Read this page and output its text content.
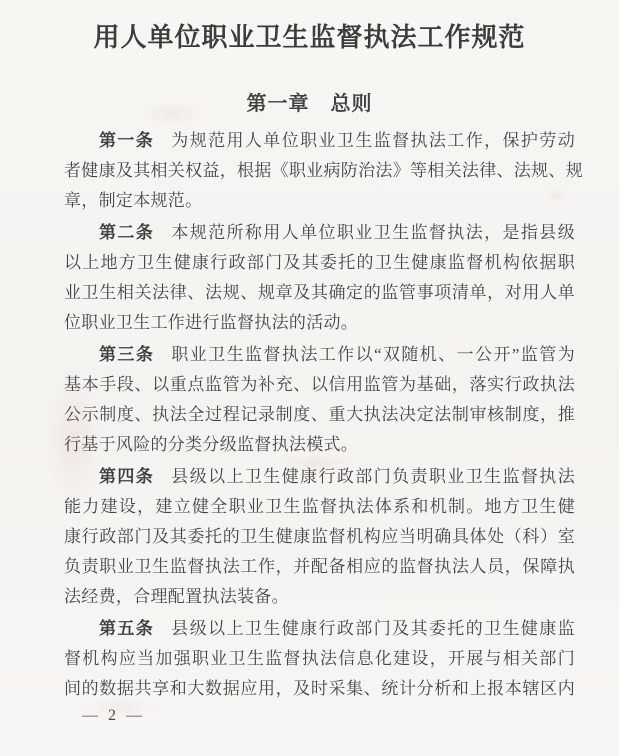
用人单位职业卫生监督执法工作规范
第一章　总则
第一条 为规范用人单位职业卫生监督执法工作，保护劳动
者健康及其相关权益，根据《职业病防治法》等相关法律、法规、规
章，制定本规范。
第二条 本规范所称用人单位职业卫生监督执法，是指县级
以上地方卫生健康行政部门及其委托的卫生健康监督机构依据职
业卫生相关法律、法规、规章及其确定的监管事项清单，对用人单
位职业卫生工作进行监督执法的活动。
第三条 职业卫生监督执法工作以“双随机、一公开”监管为
基本手段、以重点监管为补充、以信用监管为基础，落实行政执法
公示制度、执法全过程记录制度、重大执法决定法制审核制度，推
行基于风险的分类分级监督执法模式。
第四条 县级以上卫生健康行政部门负责职业卫生监督执法
能力建设，建立健全职业卫生监督执法体系和机制。地方卫生健
康行政部门及其委托的卫生健康监督机构应当明确具体处（科）室
负责职业卫生监督执法工作，并配备相应的监督执法人员，保障执
法经费，合理配置执法装备。
第五条 县级以上卫生健康行政部门及其委托的卫生健康监
督机构应当加强职业卫生监督执法信息化建设，开展与相关部门
间的数据共享和大数据应用，及时采集、统计分析和上报本辖区内
— 2 —
